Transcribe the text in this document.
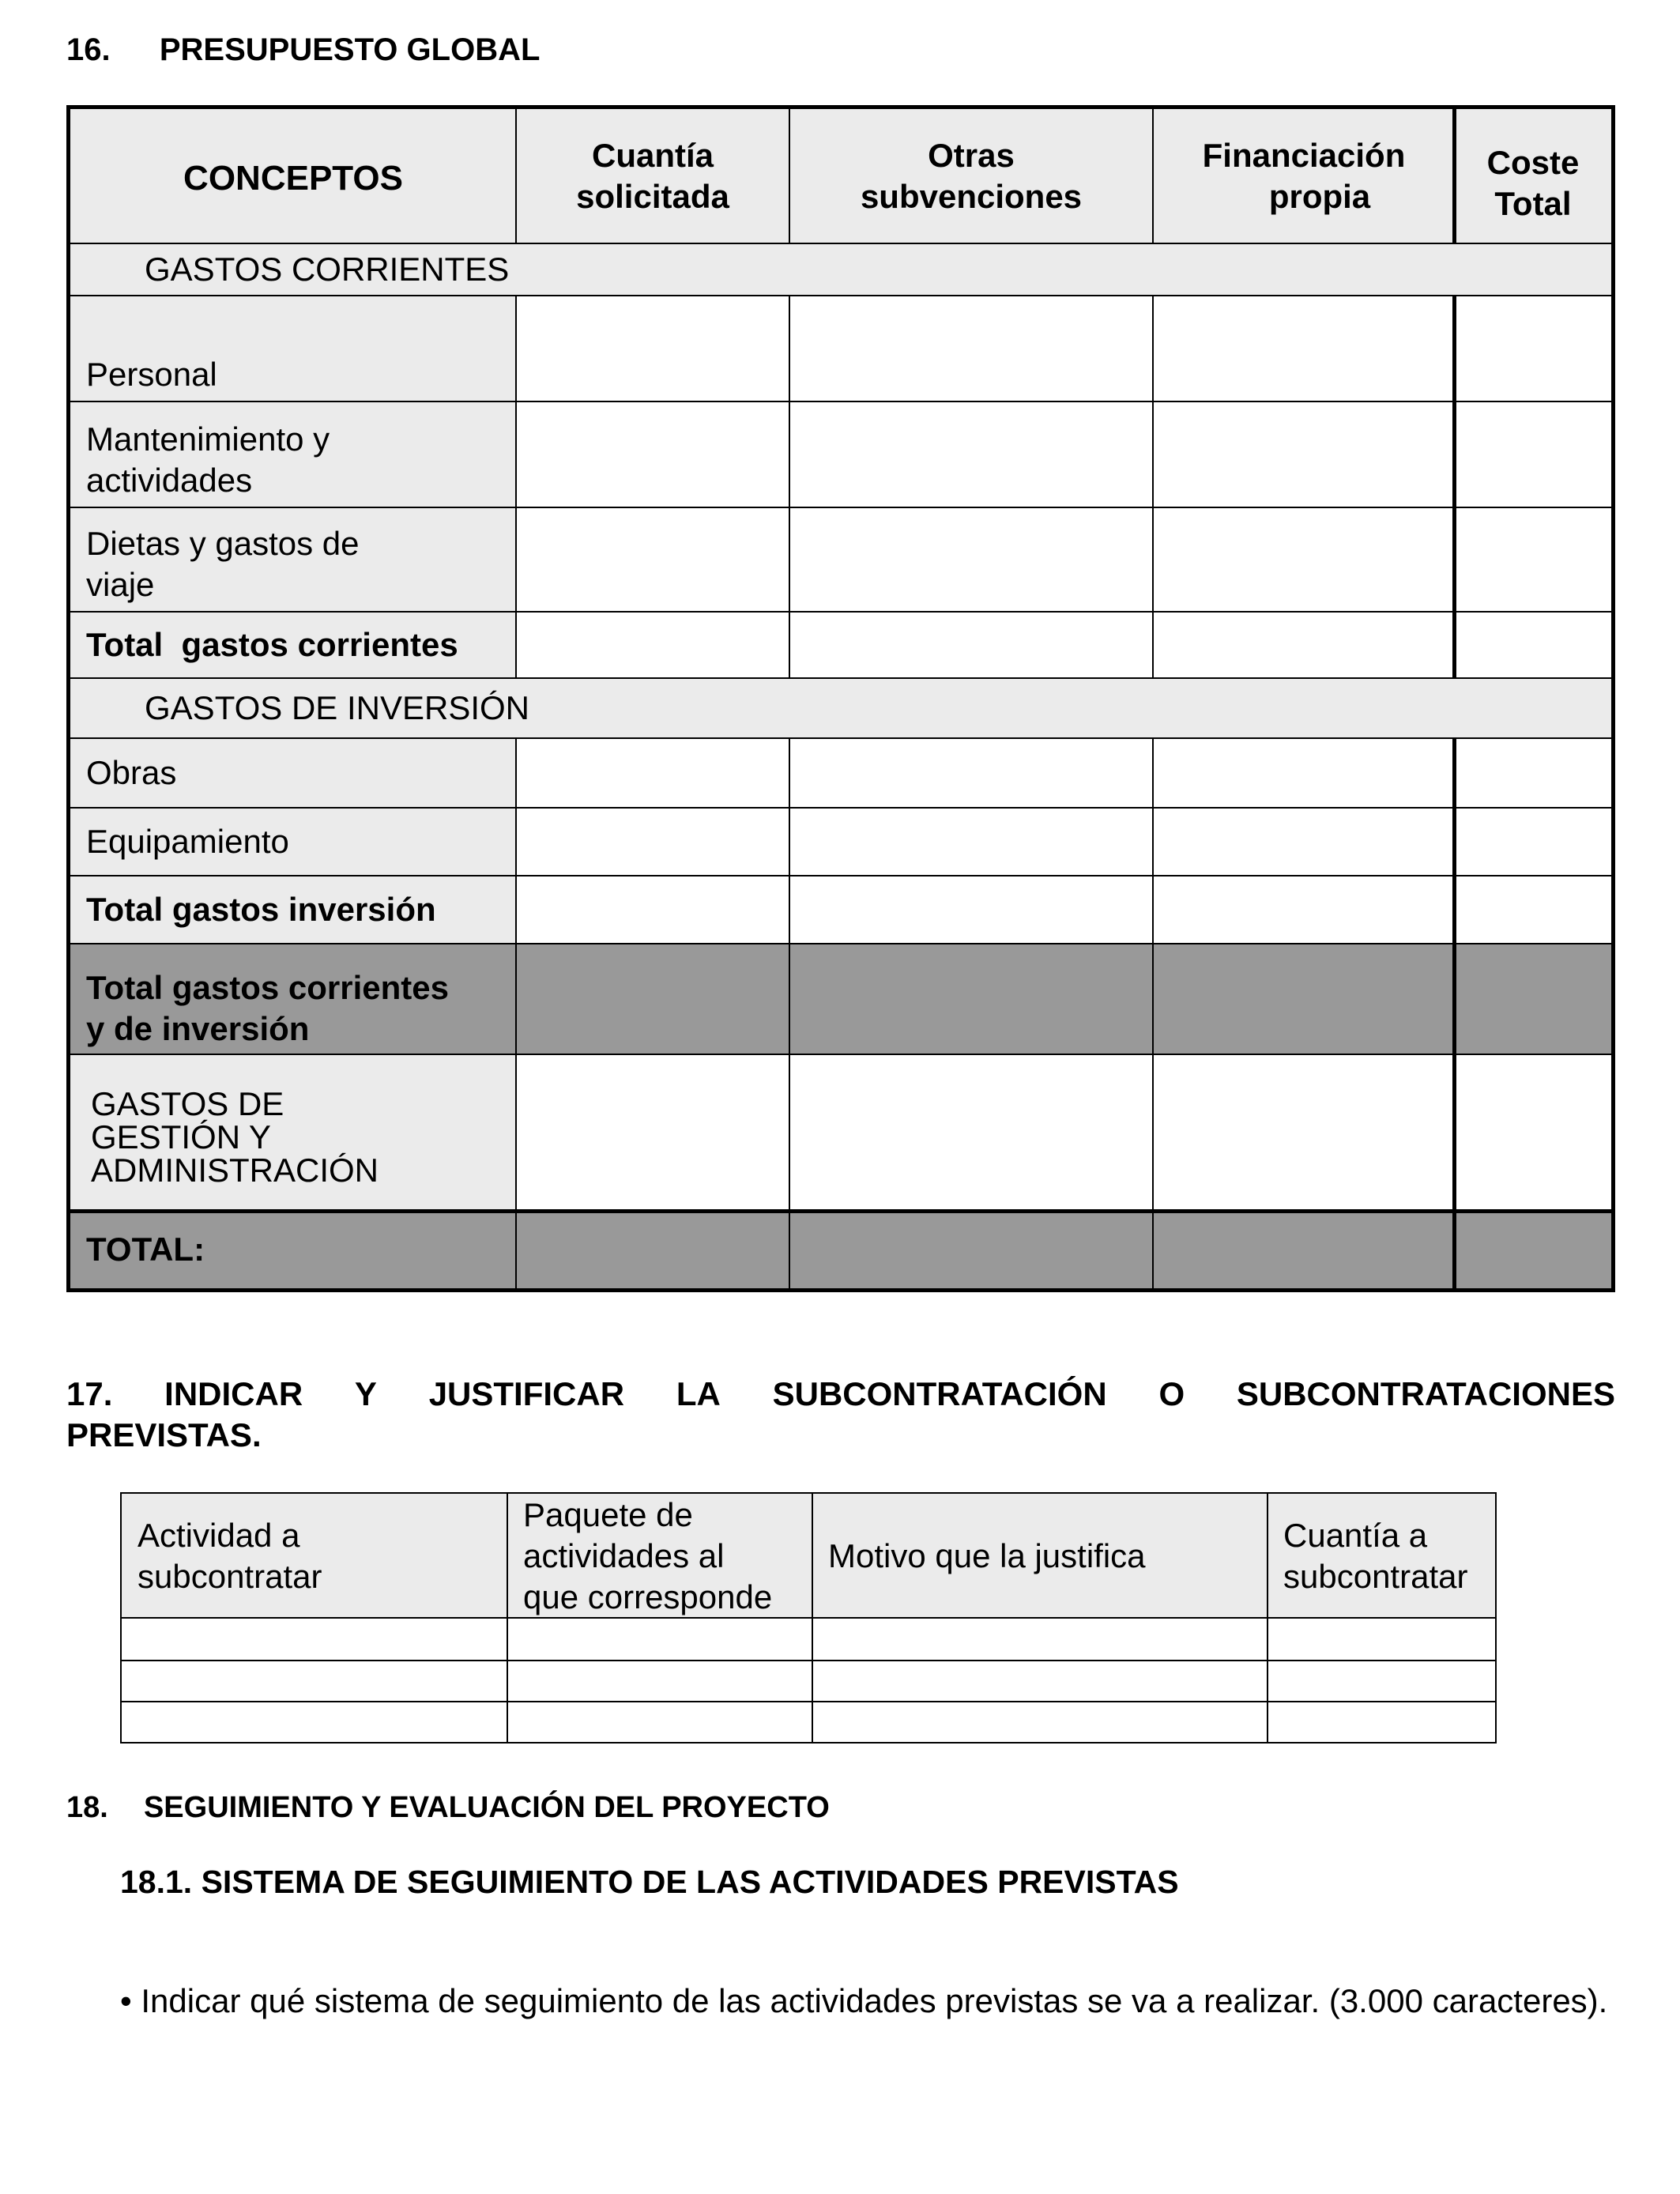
16. PRESUPUESTO GLOBAL
CONCEPTOS
Cuantía
solicitada
Otras
subvenciones
Financiación
propia
Coste
Total
GASTOS CORRIENTES
Personal
Mantenimiento y
actividades
Dietas y gastos de
viaje
Total  gastos corrientes
GASTOS DE INVERSIÓN
Obras
Equipamiento
Total gastos inversión
Total gastos corrientes
y de inversión
GASTOS DE
GESTIÓN Y
ADMINISTRACIÓN
TOTAL:
17. INDICAR Y JUSTIFICAR LA SUBCONTRATACIÓN O SUBCONTRATACIONES
PREVISTAS.
Actividad a
subcontratar
Paquete de
actividades al
que corresponde
Motivo que la justifica
Cuantía a
subcontratar
18. SEGUIMIENTO Y EVALUACIÓN DEL PROYECTO
18.1. SISTEMA DE SEGUIMIENTO DE LAS ACTIVIDADES PREVISTAS
• Indicar qué sistema de seguimiento de las actividades previstas se va a realizar. (3.000 caracteres).
